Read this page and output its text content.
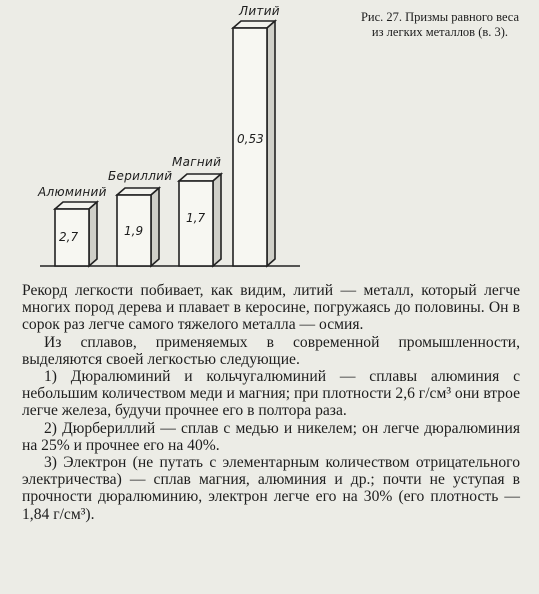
Алюминий
2,7
Бериллий
1,9
Магний
1,7
Литий
0,53
Рис. 27. Призмы равного веса из легких металлов (в. 3).

Рекорд легкости побивает, как видим, литий — металл, который легче многих пород дерева и плавает в керосине, погружаясь до половины. Он в сорок раз легче самого тяжелого металла — осмия.

Из сплавов, применяемых в современной промышленности, выделяются своей легкостью следующие.

1) Дюралюминий и кольчугалюминий — сплавы алюминия с небольшим количеством меди и магния; при плотности 2,6 г/см³ они втрое легче железа, будучи прочнее его в полтора раза.

2) Дюрбериллий — сплав с медью и никелем; он легче дюралюминия на 25% и прочнее его на 40%.

3) Электрон (не путать с элементарным количеством отрицательного электричества) — сплав магния, алюминия и др.; почти не уступая в прочности дюралюминию, электрон легче его на 30% (его плотность — 1,84 г/см³).
